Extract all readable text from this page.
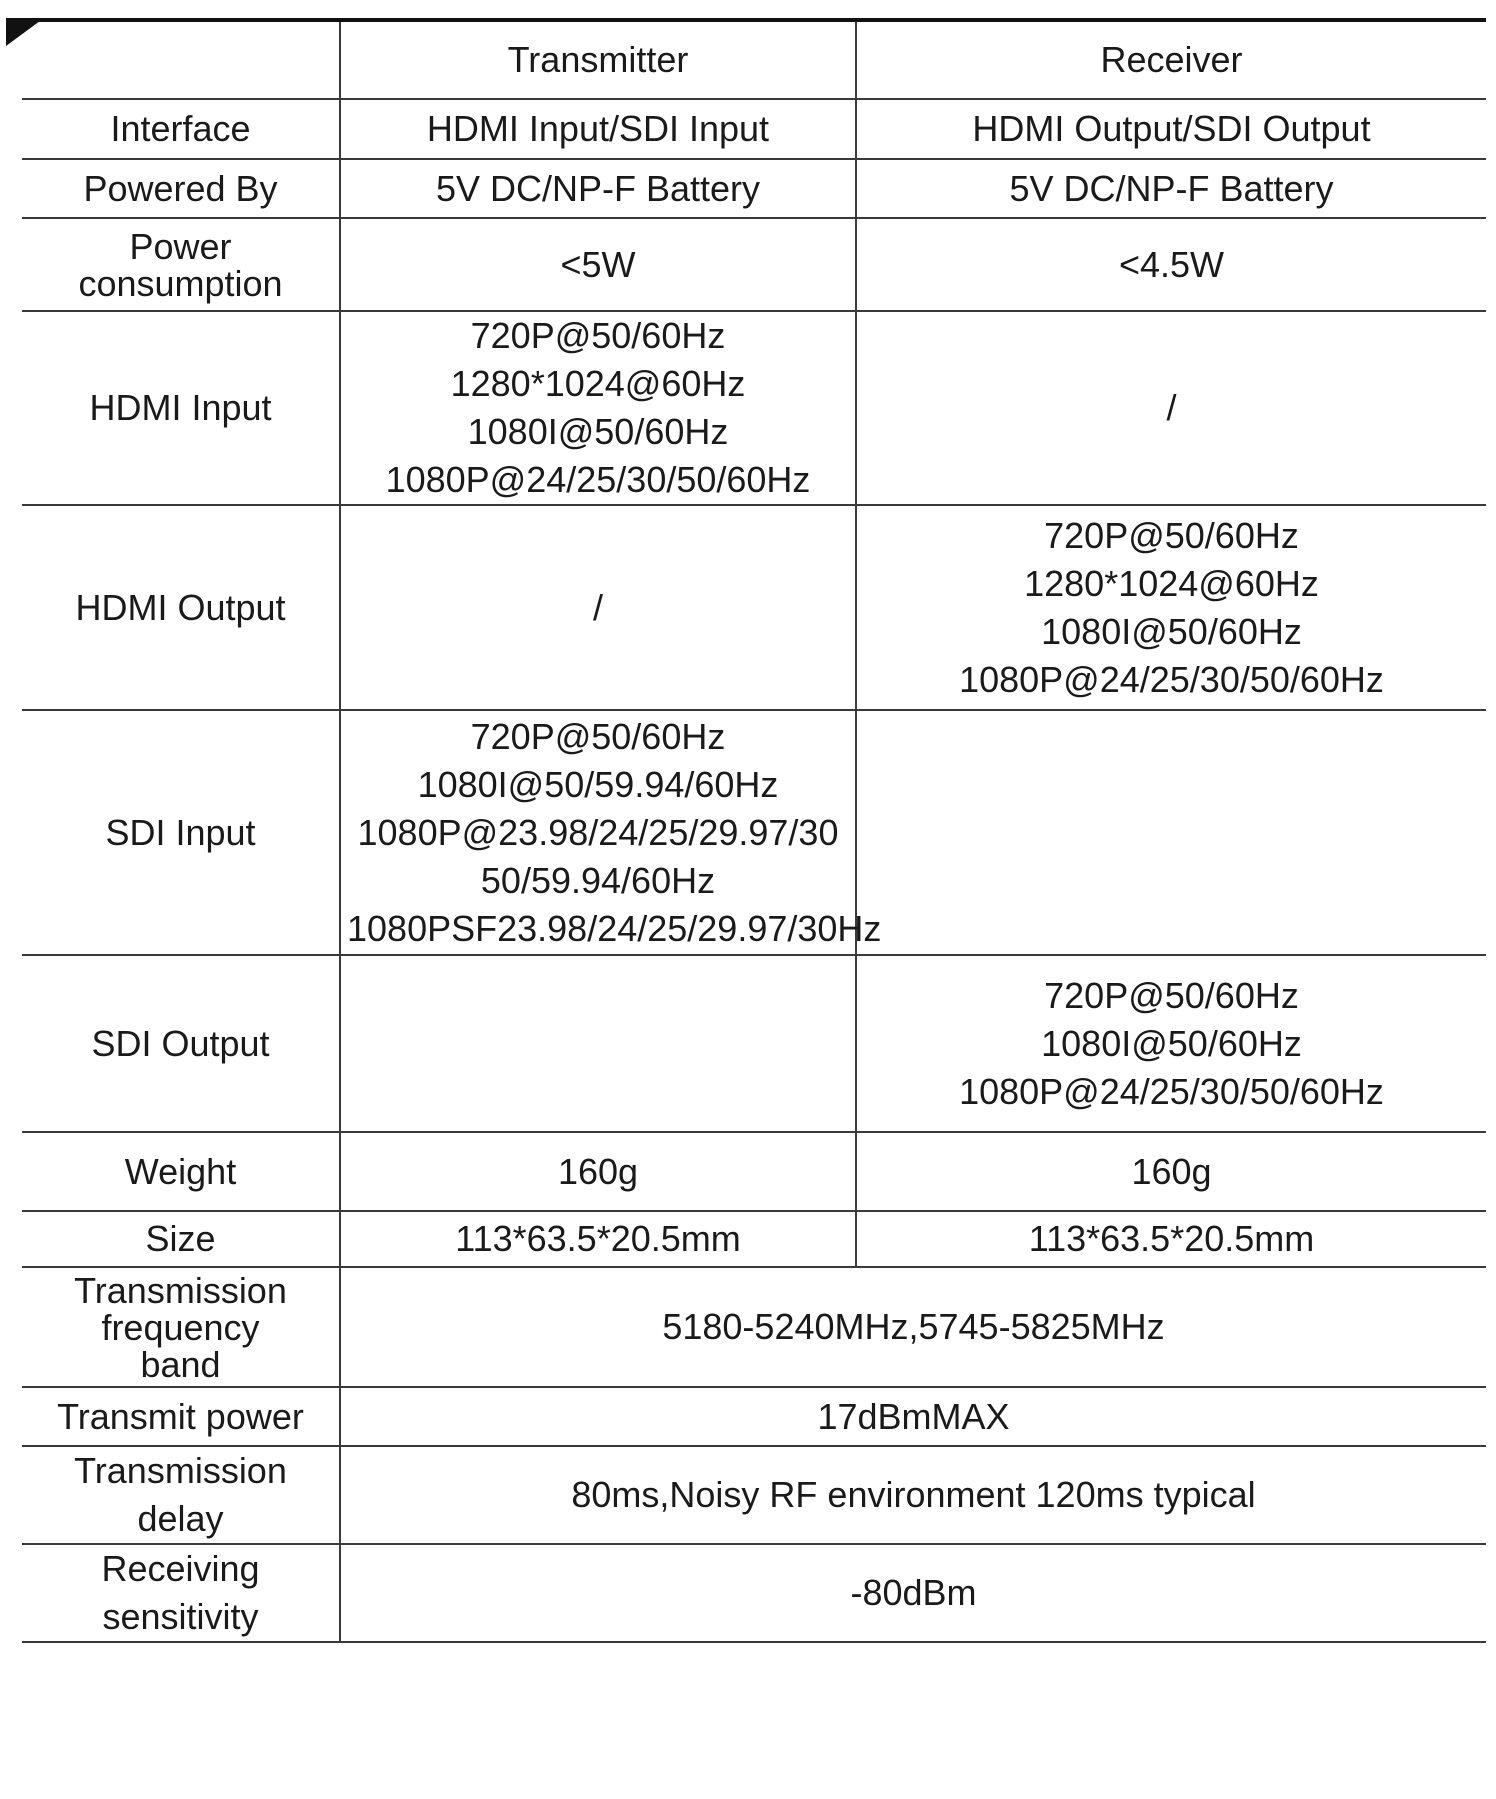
	Transmitter	Receiver
Interface	HDMI Input/SDI Input	HDMI Output/SDI Output
Powered By	5V DC/NP-F Battery	5V DC/NP-F Battery

Power
consumption	<5W	<4.5W
HDMI Input	720P@50/60Hz
1280*1024@60Hz
1080I@50/60Hz
1080P@24/25/30/50/60Hz	/
HDMI Output	/	720P@50/60Hz
1280*1024@60Hz
1080I@50/60Hz
1080P@24/25/30/50/60Hz

SDI Input	720P@50/60Hz
1080I@50/59.94/60Hz
1080P@23.98/24/25/29.97/30
50/59.94/60Hz
1080PSF23.98/24/25/29.97/30Hz	

SDI Output		720P@50/60Hz
1080I@50/60Hz
1080P@24/25/30/50/60Hz

Weight	160g	160g
Size	113*63.5*20.5mm	113*63.5*20.5mm

Transmission
frequency
band	5180-5240MHz,5745-5825MHz	
Transmit power	17dBmMAX	
Transmission delay	80ms,Noisy RF environment 120ms typical	
Receiving sensitivity	-80dBm	
